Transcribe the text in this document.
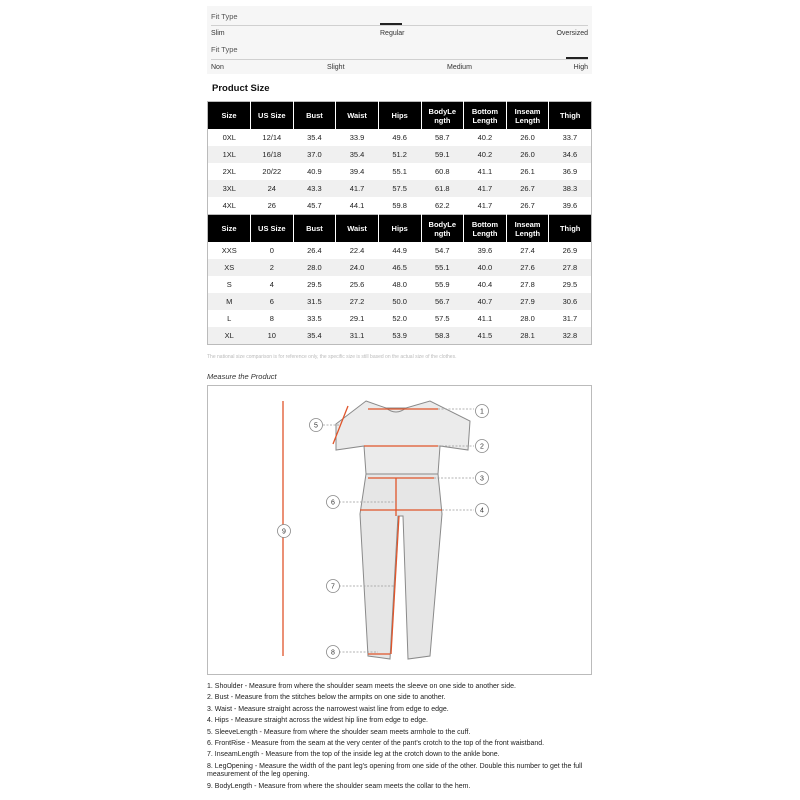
Fit Type
Slim	Regular	Oversized
Fit Type
Non	Slight	Medium	High
Product Size
Size	US Size	Bust	Waist	Hips	BodyLe ngth	Bottom Length	Inseam Length	Thigh
0XL	12/14	35.4	33.9	49.6	58.7	40.2	26.0	33.7
1XL	16/18	37.0	35.4	51.2	59.1	40.2	26.0	34.6
2XL	20/22	40.9	39.4	55.1	60.8	41.1	26.1	36.9
3XL	24	43.3	41.7	57.5	61.8	41.7	26.7	38.3
4XL	26	45.7	44.1	59.8	62.2	41.7	26.7	39.6
Size	US Size	Bust	Waist	Hips	BodyLe ngth	Bottom Length	Inseam Length	Thigh
XXS	0	26.4	22.4	44.9	54.7	39.6	27.4	26.9
XS	2	28.0	24.0	46.5	55.1	40.0	27.6	27.8
S	4	29.5	25.6	48.0	55.9	40.4	27.8	29.5
M	6	31.5	27.2	50.0	56.7	40.7	27.9	30.6
L	8	33.5	29.1	52.0	57.5	41.1	28.0	31.7
XL	10	35.4	31.1	53.9	58.3	41.5	28.1	32.8
The national size comparison is for reference only, the specific size is still based on the actual size of the clothes.
Measure the Product
1
2
3
4
5
6
7
8
9
1. Shoulder - Measure from where the shoulder seam meets the sleeve on one side to another side.
2. Bust - Measure from the stitches below the armpits on one side to another.
3. Waist - Measure straight across the narrowest waist line from edge to edge.
4. Hips - Measure straight across the widest hip line from edge to edge.
5. SleeveLength - Measure from where the shoulder seam meets armhole to the cuff.
6. FrontRise - Measure from the seam at the very center of the pant's crotch to the top of the front waistband.
7. InseamLength - Measure from the top of the inside leg at the crotch down to the ankle bone.
8. LegOpening - Measure the width of the pant leg's opening from one side of the other. Double this number to get the full measurement of the leg opening.
9. BodyLength - Measure from where the shoulder seam meets the collar to the hem.
